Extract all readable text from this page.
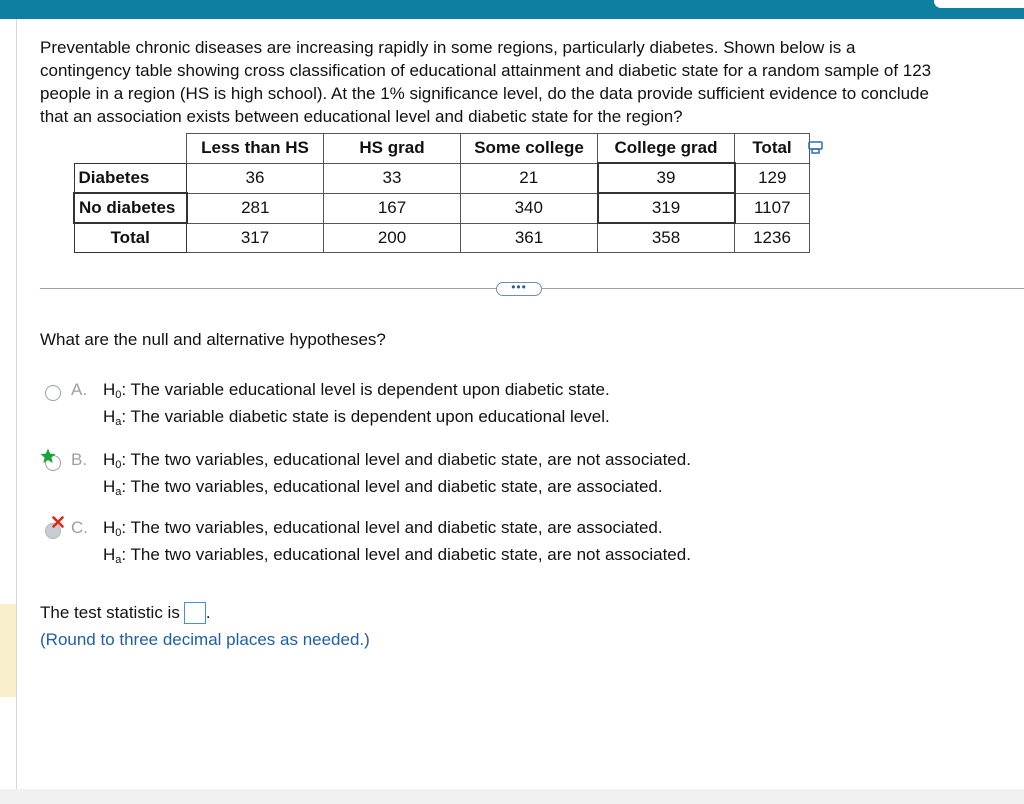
Preventable chronic diseases are increasing rapidly in some regions, particularly diabetes. Shown below is a
contingency table showing cross classification of educational attainment and diabetic state for a random sample of 123
people in a region (HS is high school). At the 1% significance level, do the data provide sufficient evidence to conclude
that an association exists between educational level and diabetic state for the region?
	Less than HS	HS grad	Some college	College grad	Total
Diabetes	36	33	21	39	129
No diabetes	281	167	340	319	1107
Total	317	200	361	358	1236
•••
What are the null and alternative hypotheses?
A. $H_0$: The variable educational level is dependent upon diabetic state.
$H_a$: The variable diabetic state is dependent upon educational level.
B. $H_0$: The two variables, educational level and diabetic state, are not associated.
$H_a$: The two variables, educational level and diabetic state, are associated.
C. $H_0$: The two variables, educational level and diabetic state, are associated.
$H_a$: The two variables, educational level and diabetic state, are not associated.
The test statistic is .
(Round to three decimal places as needed.)
